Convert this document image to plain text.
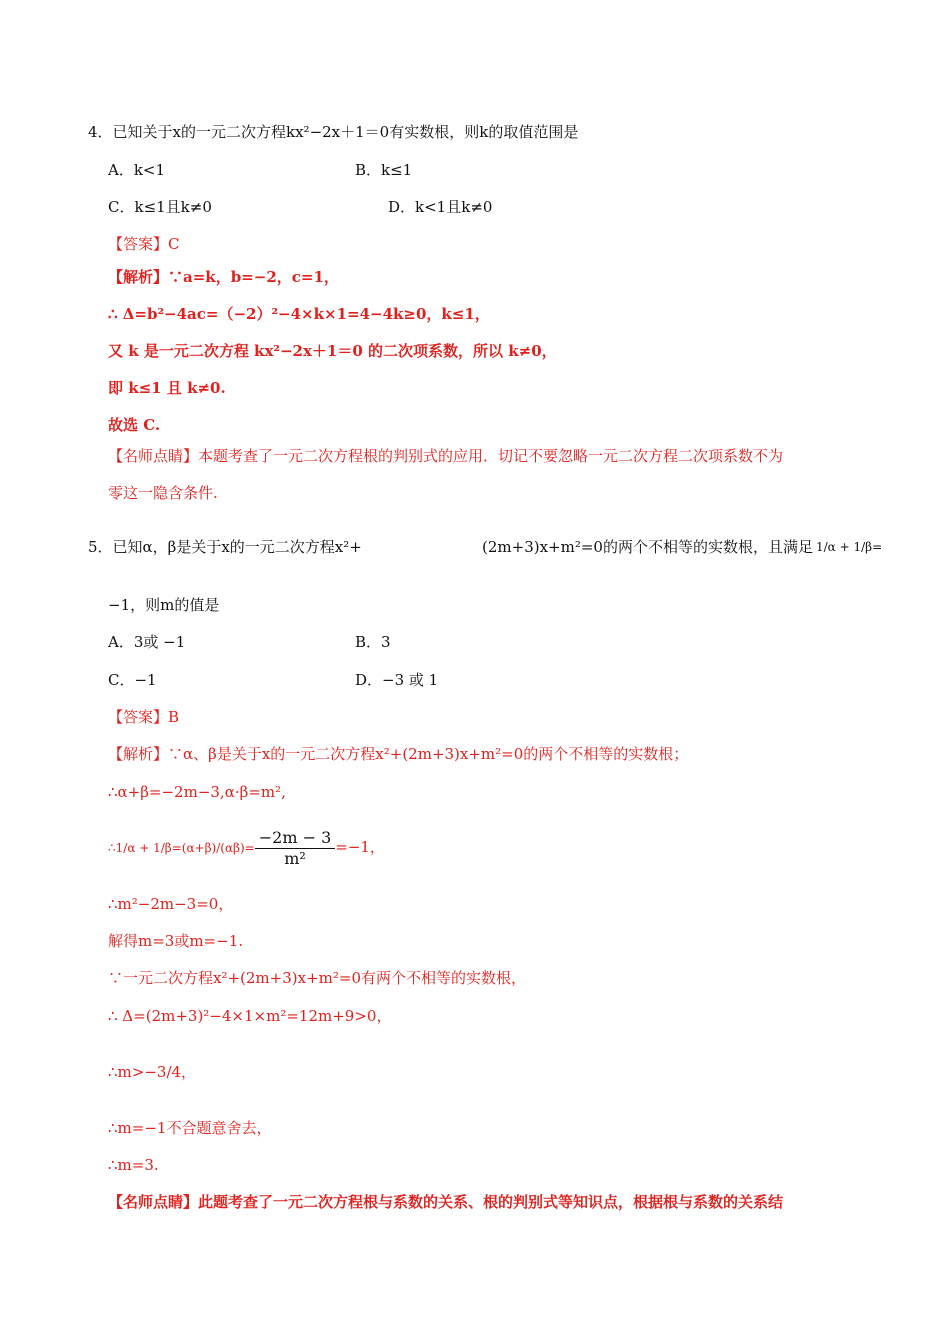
4．已知关于x的一元二次方程kx²−2x＋1＝0有实数根，则k的取值范围是
A．k<1	B．k≤1
C．k≤1且k≠0	D．k<1且k≠0
【答案】C
【解析】∵a=k，b=−2，c=1，
∴ Δ=b²−4ac=（−2）²−4×k×1=4−4k≥0，k≤1，
又 k 是一元二次方程 kx²−2x＋1＝0 的二次项系数，所以 k≠0，
即 k≤1 且 k≠0.
故选 C.
【名师点睛】本题考查了一元二次方程根的判别式的应用．切记不要忽略一元二次方程二次项系数不为
零这一隐含条件.
5．已知α，β是关于x的一元二次方程x²+	(2m+3)x+m²=0的两个不相等的实数根，且满足 1/α + 1/β=
−1，则m的值是
A．3或 −1	B．3
C．−1	D．−3 或 1
【答案】B
【解析】∵α、β是关于x的一元二次方程x²+(2m+3)x+m²=0的两个不相等的实数根；
∴α+β=−2m−3,α·β=m²,
∴1/α + $1/\beta=(\alpha+\beta)/(\alpha\beta)= \frac{-2m - 3}{\text{m²}} =-1$，
∴m²−2m−3=0，
解得m=3或m=−1.
∵一元二次方程x²+(2m+3)x+m²=0有两个不相等的实数根，
∴ Δ=(2m+3)²−4×1×m²=12m+9>0，
∴m>−3/4，
∴m=−1不合题意舍去，
∴m=3.
【名师点睛】此题考查了一元二次方程根与系数的关系、根的判别式等知识点，根据根与系数的关系结
